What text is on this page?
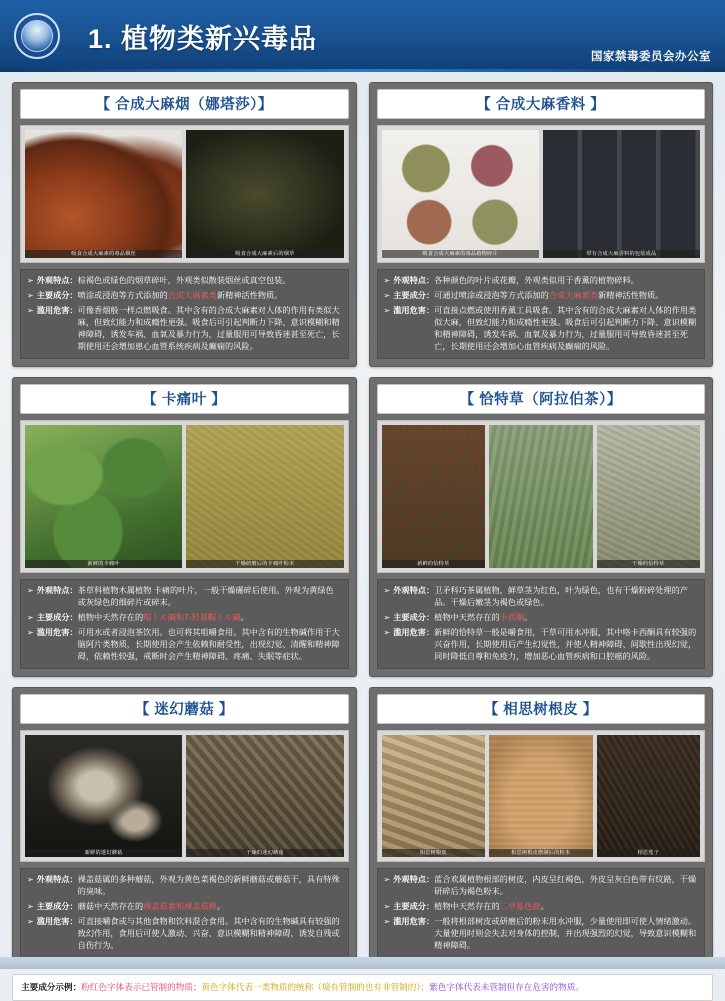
★ 1. 植物类新兴毒品
国家禁毒委员会办公室
【 合成大麻烟（娜塔莎）】
吸食合成大麻素的毒品烟丝	吸食合成大麻素后的烟草
➢ 外观特点： 棕褐色或绿色的烟草碎叶，外观类似散装烟丝或真空包装。
➢ 主要成分： 喷涂或浸泡等方式添加的合成大麻素类新精神活性物质。
➢ 滥用危害： 可像香烟般一样点燃吸食。其中含有的合成大麻素对人体的作用有类似大麻，但致幻能力和成瘾性更强。吸食后可引起判断力下降、意识模糊和精神障碍，诱发车祸、血氧及暴力行为，过量服用可导致昏迷甚至死亡，长期使用还会增加患心血管系统疾病及癫痫的风险。
【 合成大麻香料 】
吸食合成大麻素的毒品植物碎片	带有合成大麻香料的包装成品
➢ 外观特点： 各种颜色的叶片或花瓣，外观类似用于香薰的植物碎料。
➢ 主要成分： 可通过喷涂或浸泡等方式添加的合成大麻素类新精神活性物质。
➢ 滥用危害： 可直接点燃或使用香薰工具吸食。其中含有的合成大麻素对人体的作用类似大麻，但致幻能力和成瘾性更强。吸食后可引起判断力下降、意识模糊和精神障碍，诱发车祸、血氧及暴力行为，过量服用可导致昏迷甚至死亡，长期使用还会增加心血管疾病及癫痫的风险。
【 卡痛叶 】
新鲜的卡痛叶	干燥研磨后的卡痛叶粉末
➢ 外观特点： 茶草科植物木属植物 卡痛的叶片，一般干燥碾碎后使用。外观为黄绿色或灰绿色的细碎片或碎末。
➢ 主要成分： 植物中天然存在的帽トル碱和7-羟基帽トル碱。
➢ 滥用危害： 可用水或者浸泡茶饮用。也可将其咀嚼食用。其中含有的生物碱作用于大脑阿片类物质，长期使用会产生依赖和耐受性，出现幻觉、清醒和精神障碍，依赖性较强，戒断时会产生精神障碍、疼痛、失眠等症状。
【 恰特草（阿拉伯茶）】
新鲜的恰特草	干燥的恰特草
➢ 外观特点： 卫矛科巧茶属植物，鲜草茎为红色，叶为绿色，也有干燥粉碎处理的产品。干燥后嫩茎为褐色或绿色。
➢ 主要成分： 植物中天然存在的卡西酮。
➢ 滥用危害： 新鲜的恰特草一般是嚼食用，干草可用水冲服，其中咯卡西酮具有较强的兴奋作用，长期使用后产生幻觉性，并使人精神障碍、间歇性出现幻觉，同时降低自尊和免疫力，增加恶心血管疾病和口腔癌的风险。
【 迷幻蘑菇 】
新鲜的迷幻蘑菇	干燥的迷幻蘑菇
➢ 外观特点： 裸盖菇属的多种蘑菇，外观为黄色菜褐色的新鲜蘑菇或蘑菇干，具有特殊的臭味。
➢ 主要成分： 蘑菇中天然存在的裸盖菇素和裸盖菇醇。
➢ 滥用危害： 可直接嚼食或与其他食物和饮料混合食用。其中含有的生物碱具有较强的致幻作用，食用后可使人激动、兴奋、意识模糊和精神障碍，诱发自残或自伤行为。
【 相思树根皮 】
相思树根皮	相思树根皮磨制后的粉末	相思莲子
➢ 外观特点： 蓝合欢属植物根部的树皮，内皮呈红褐色，外皮呈灰白色带有纹路，干燥研碎后为褐色粉末。
➢ 主要成分： 植物中天然存在的二甲基色胺。
➢ 滥用危害： 一般将根部树皮或研磨后的粉末用水冲服，少量使用即可使人情绪激动。大量使用时则会失去对身体的控制，并出现强烈的幻觉，导致意识模糊和精神障碍。
主要成分示例：粉红色字体表示已管制的物质；黄色字体代表一类物质的统称（境有管制的也有非管制的）；紫色字体代表未管制但存在危害的物质。
